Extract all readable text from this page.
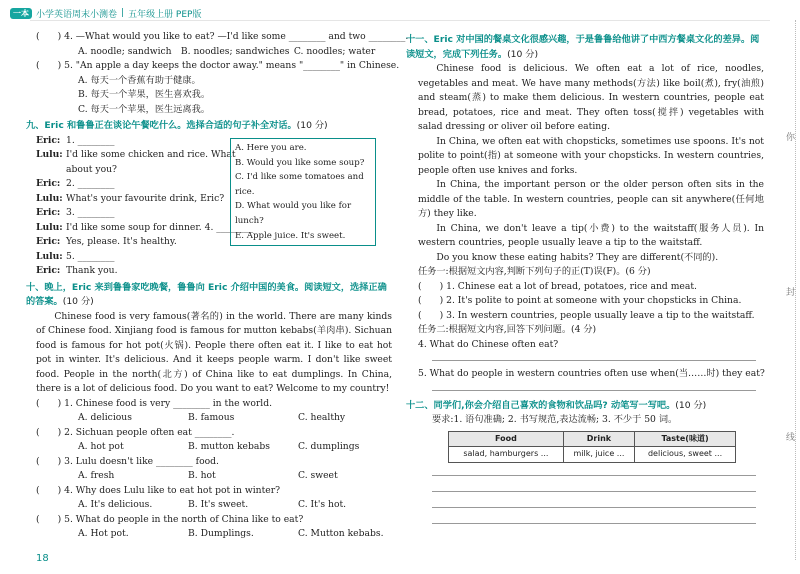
一本 小学英语周末小测卷 | 五年级上册 PEP版
( ) 4. —What would you like to eat? —I'd like some ________ and two ________.
A. noodle; sandwich B. noodles; sandwiches C. noodles; water
( ) 5. "An apple a day keeps the doctor away." means "________" in Chinese.
A. 每天一个香蕉有助于健康。
B. 每天一个苹果，医生喜欢我。
C. 每天一个苹果，医生远离我。
九、Eric 和鲁鲁正在谈论午餐吃什么。选择合适的句子补全对话。(10 分)
Eric: 1. ________
Lulu: I'd like some chicken and rice. What
about you?
Eric: 2. ________
Lulu: What's your favourite drink, Eric?
Eric: 3. ________
Lulu: I'd like some soup for dinner. 4. ________
Eric: Yes, please. It's healthy.
Lulu: 5. ________
Eric: Thank you.
A. Here you are.
B. Would you like some soup?
C. I'd like some tomatoes and rice.
D. What would you like for lunch?
E. Apple juice. It's sweet.
十、晚上，Eric 来到鲁鲁家吃晚餐，鲁鲁向 Eric 介绍中国的美食。阅读短文，选择正确的答案。(10 分)
Chinese food is very famous(著名的) in the world. There are many kinds of Chinese food. Xinjiang food is famous for mutton kebabs(羊肉串). Sichuan food is famous for hot pot(火锅). People there often eat it. I like to eat hot pot in winter. It's delicious. And it keeps people warm. I don't like sweet food. People in the north(北方) of China like to eat dumplings. In China, there is a lot of delicious food. Do you want to eat? Welcome to my country!
( ) 1. Chinese food is very ________ in the world.
A. delicious	B. famous	C. healthy
( ) 2. Sichuan people often eat ________.
A. hot pot	B. mutton kebabs	C. dumplings
( ) 3. Lulu doesn't like ________ food.
A. fresh	B. hot	C. sweet
( ) 4. Why does Lulu like to eat hot pot in winter?
A. It's delicious.	B. It's sweet.	C. It's hot.
( ) 5. What do people in the north of China like to eat?
A. Hot pot.	B. Dumplings.	C. Mutton kebabs.
十一、Eric 对中国的餐桌文化很感兴趣，于是鲁鲁给他讲了中西方餐桌文化的差异。阅读短文，完成下列任务。(10 分)
Chinese food is delicious. We often eat a lot of rice, noodles, vegetables and meat. We have many methods(方法) like boil(煮), fry(油煎) and steam(蒸) to make them delicious. In western countries, people eat bread, potatoes, rice and meat. They often toss(搅拌) vegetables with salad dressing or oliver oil before eating.
In China, we often eat with chopsticks, sometimes use spoons. It's not polite to point(指) at someone with your chopsticks. In western countries, people often use knives and forks.
In China, the important person or the older person often sits in the middle of the table. In western countries, people can sit anywhere(任何地方) they like.
In China, we don't leave a tip(小费) to the waitstaff(服务人员). In western countries, people usually leave a tip to the waitstaff.
Do you know these eating habits? They are different(不同的).
任务一:根据短文内容,判断下列句子的正(T)误(F)。(6 分)
( ) 1. Chinese eat a lot of bread, potatoes, rice and meat.
( ) 2. It's polite to point at someone with your chopsticks in China.
( ) 3. In western countries, people usually leave a tip to the waitstaff.
任务二:根据短文内容,回答下列问题。(4 分)
4. What do Chinese often eat?
5. What do people in western countries often use when(当……时) they eat?
十二、同学们,你会介绍自己喜欢的食物和饮品吗? 动笔写一写吧。(10 分)
要求:1. 语句准确; 2. 书写规范,表达流畅; 3. 不少于 50 词。
Food	Drink	Taste(味道)
salad, hamburgers ...	milk, juice ...	delicious, sweet ...
你
封
线
18
